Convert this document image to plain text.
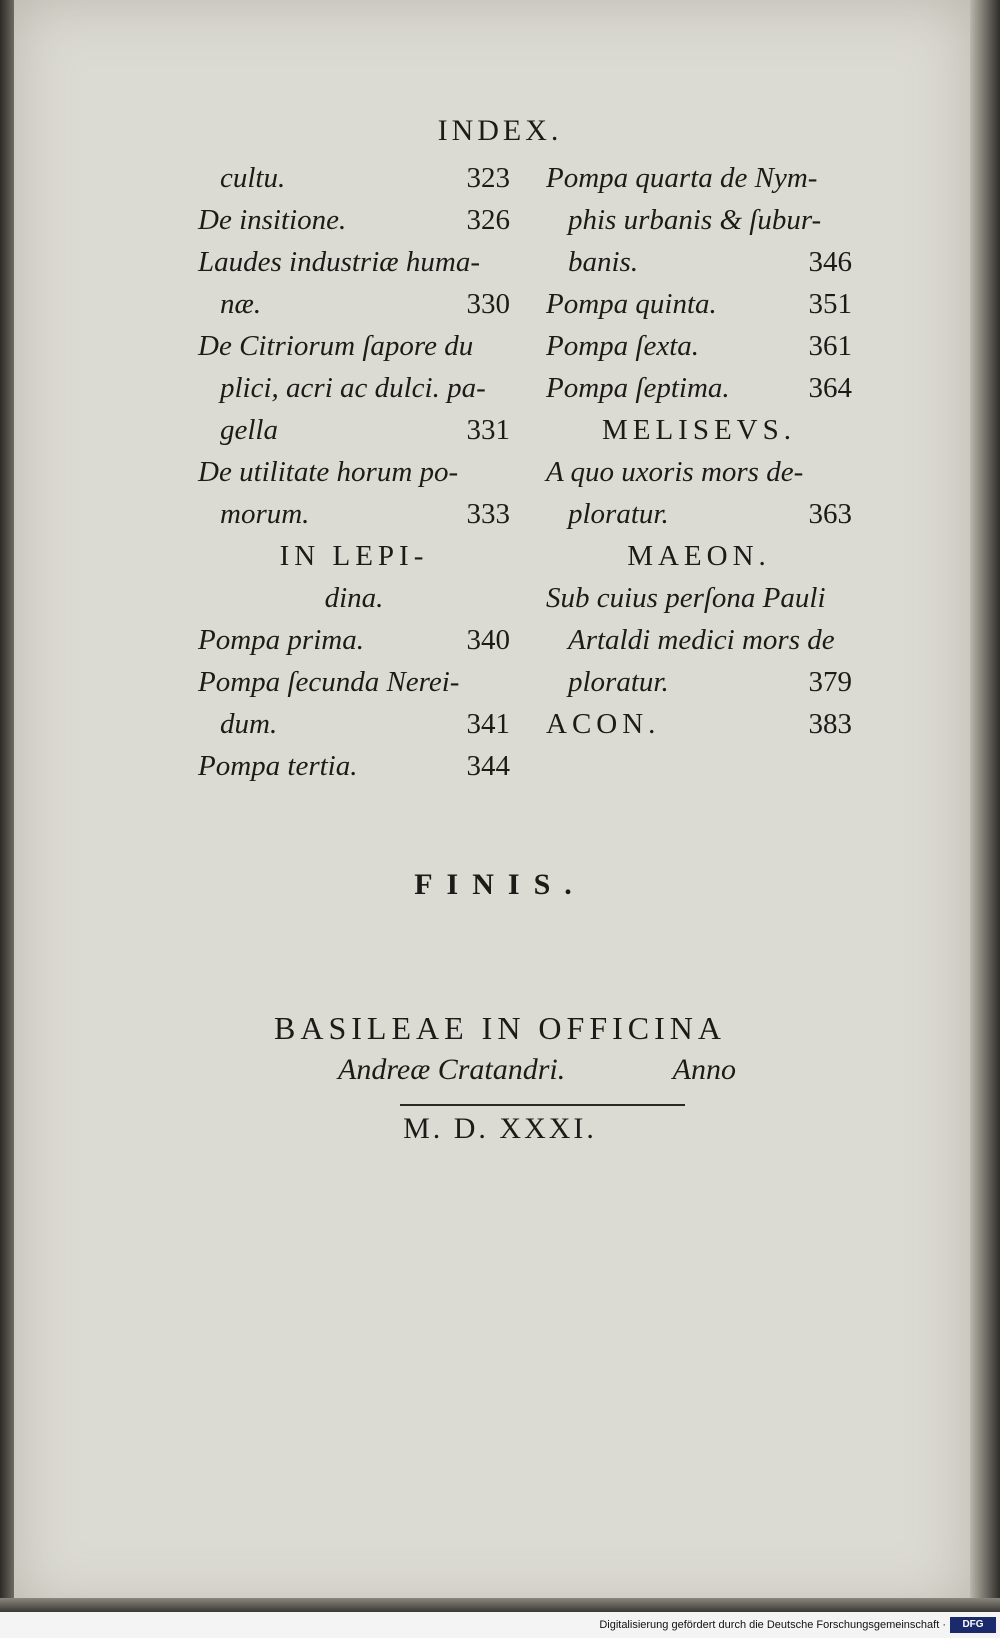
INDEX.
cultu.	323
De insitione.	326
Laudes industriæ huma-
næ.	330
De Citriorum ſapore du
plici, acri ac dulci. pa-
gella	331
De utilitate horum po-
morum.	333
IN LEPI-
dina.
Pompa prima.	340
Pompa ſecunda Nerei-
dum.	341
Pompa tertia.	344
Pompa quarta de Nym-
phis urbanis & ſubur-
banis.	346
Pompa quinta.	351
Pompa ſexta.	361
Pompa ſeptima.	364
MELISEVS.
A quo uxoris mors de-
ploratur.	363
MAEON.
Sub cuius perſona Pauli
Artaldi medici mors de
ploratur.	379
ACON.	383
FINIS.
BASILEAE IN OFFICINA
Andreæ Cratandri.	Anno
M. D. XXXI.
Digitalisierung gefördert durch die Deutsche Forschungsgemeinschaft ·	DFG
